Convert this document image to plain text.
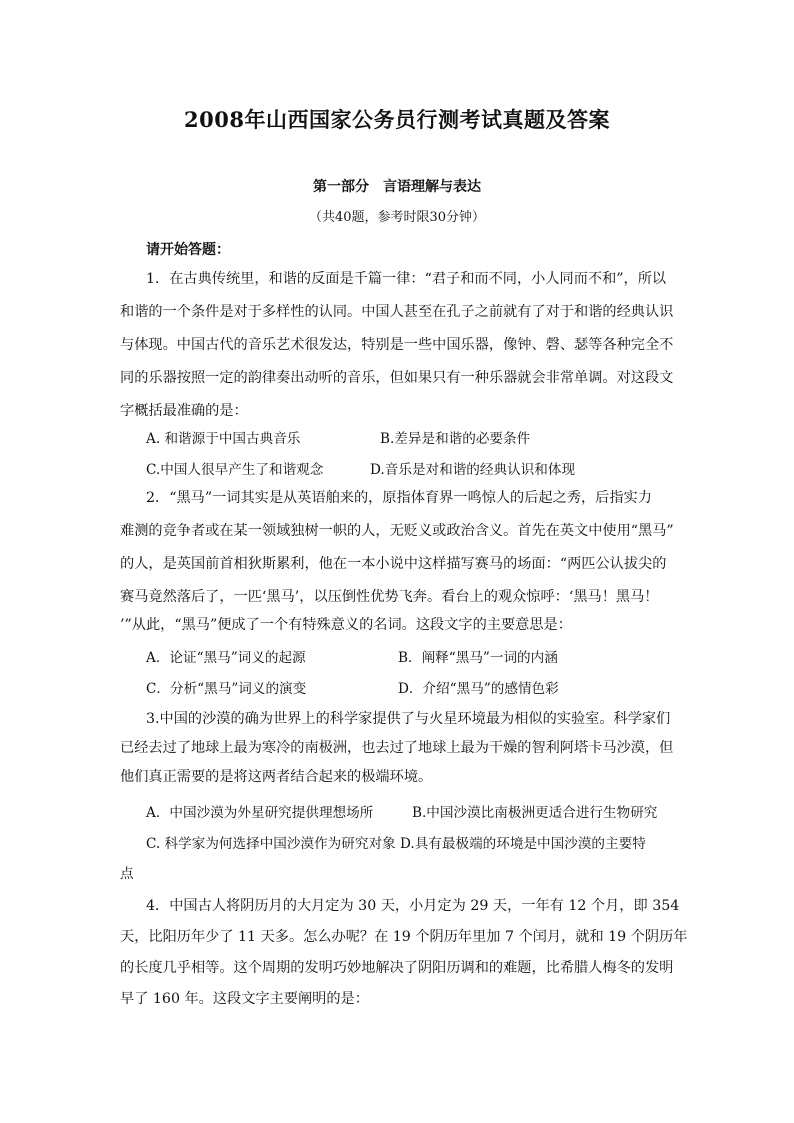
2008年山西国家公务员行测考试真题及答案
第一部分　言语理解与表达
（共40题，参考时限30分钟）
请开始答题：
1．在古典传统里，和谐的反面是千篇一律：“君子和而不同，小人同而不和”，所以
和谐的一个条件是对于多样性的认同。中国人甚至在孔子之前就有了对于和谐的经典认识
与体现。中国古代的音乐艺术很发达，特别是一些中国乐器，像钟、磬、瑟等各种完全不
同的乐器按照一定的韵律奏出动听的音乐，但如果只有一种乐器就会非常单调。对这段文
字概括最准确的是：
A. 和谐源于中国古典音乐	B.差异是和谐的必要条件
C.中国人很早产生了和谐观念	D.音乐是对和谐的经典认识和体现
2．“黑马”一词其实是从英语舶来的，原指体育界一鸣惊人的后起之秀，后指实力
难测的竞争者或在某一领域独树一帜的人，无贬义或政治含义。首先在英文中使用“黑马”
的人，是英国前首相狄斯累利，他在一本小说中这样描写赛马的场面：“两匹公认拔尖的
赛马竟然落后了，一匹‘黑马’，以压倒性优势飞奔。看台上的观众惊呼：‘黑马！黑马！
’”从此，“黑马”便成了一个有特殊意义的名词。这段文字的主要意思是：
A．论证“黑马”词义的起源	B．阐释“黑马”一词的内涵
C．分析“黑马”词义的演变	D．介绍“黑马”的感情色彩
3.中国的沙漠的确为世界上的科学家提供了与火星环境最为相似的实验室。科学家们
已经去过了地球上最为寒冷的南极洲，也去过了地球上最为干燥的智利阿塔卡马沙漠，但
他们真正需要的是将这两者结合起来的极端环境。
A．中国沙漠为外星研究提供理想场所	B.中国沙漠比南极洲更适合进行生物研究
C. 科学家为何选择中国沙漠作为研究对象 D.具有最极端的环境是中国沙漠的主要特
点
4．中国古人将阴历月的大月定为 30 天，小月定为 29 天，一年有 12 个月，即 354
天，比阳历年少了 11 天多。怎么办呢？在 19 个阴历年里加 7 个闰月，就和 19 个阴历年
的长度几乎相等。这个周期的发明巧妙地解决了阴阳历调和的难题，比希腊人梅冬的发明
早了 160 年。这段文字主要阐明的是：
